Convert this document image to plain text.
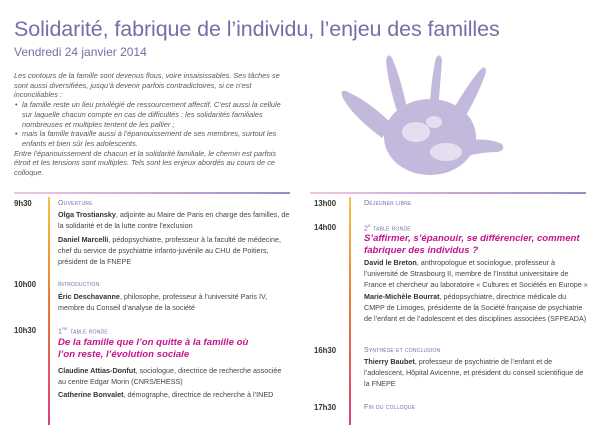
Solidarité, fabrique de l’individu, l’enjeu des familles
Vendredi 24 janvier 2014

Les contours de la famille sont devenus flous, voire insaisissables. Ses tâches se sont aussi diversifiées, jusqu’à devenir parfois contradictoires, si ce n’est inconciliables :

• la famille reste un lieu privilégié de ressourcement affectif. C’est aussi la cellule sur laquelle chacun compte en cas de difficultés : les solidarités familiales nombreuses et multiples tentent de les pallier ;
• mais la famille travaille aussi à l’épanouissement de ses membres, surtout les enfants et bien sûr les adolescents.

Entre l’épanouissement de chacun et la solidarité familiale, le chemin est parfois étroit et les tensions sont multiples. Tels sont les enjeux abordés au cours de ce colloque.

9h30	Ouverture
Olga Trostiansky, adjointe au Maire de Paris en charge des familles, de la solidarité et de la lutte contre l’exclusion
Daniel Marcelli, pédopsychiatre, professeur à la faculté de médecine, chef du service de psychiatrie infanto-juvénile au CHU de Poitiers, président de la FNEPE
10h00	Introduction
Éric Deschavanne, philosophe, professeur à l’université Paris IV, membre du Conseil d’analyse de la société
10h30	1re table ronde
De la famille que l’on quitte à la famille où l’on reste, l’évolution sociale
Claudine Attias-Donfut, sociologue, directrice de recherche associée au centre Edgar Morin (CNRS/EHESS)
Catherine Bonvalet, démographe, directrice de recherche à l’INED
13h00	Déjeuner libre
14h00	2e table ronde
S’affirmer, s’épanouir, se différencier, comment fabriquer des individus ?
David le Breton, anthropologue et sociologue, professeur à l’université de Strasbourg II, membre de l’Institut universitaire de France et chercheur au laboratoire « Cultures et Sociétés en Europe »
Marie-Michèle Bourrat, pédopsychiatre, directrice médicale du CMPP de Limoges, présidente de la Société française de psychiatrie de l’enfant et de l’adolescent et des disciplines associées (SFPEADA)
16h30	Synthèse et conclusion
Thierry Baubet, professeur de psychiatrie de l’enfant et de l’adolescent, Hôpital Avicenne, et président du conseil scientifique de la FNEPE
17h30	Fin du colloque
